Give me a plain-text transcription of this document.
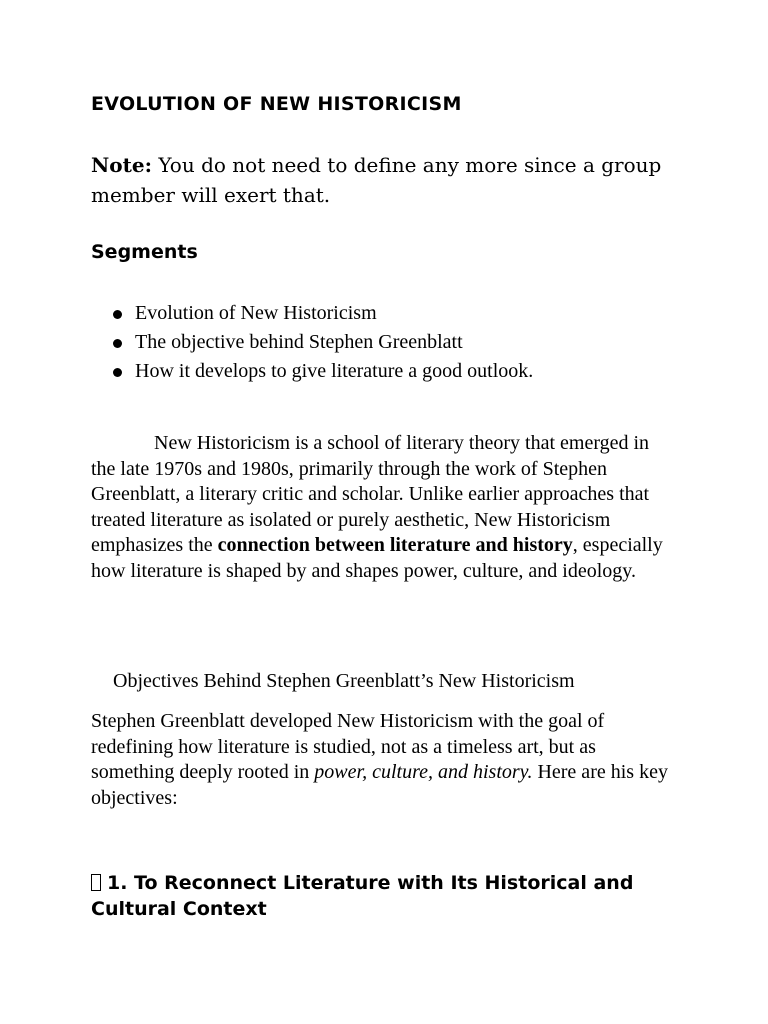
EVOLUTION OF NEW HISTORICISM

Note: You do not need to define any more since a group member will exert that.

Segments
Evolution of New Historicism
The objective behind Stephen Greenblatt
How it develops to give literature a good outlook.

New Historicism is a school of literary theory that emerged in the late 1970s and 1980s, primarily through the work of Stephen Greenblatt, a literary critic and scholar. Unlike earlier approaches that treated literature as isolated or purely aesthetic, New Historicism emphasizes the connection between literature and history, especially how literature is shaped by and shapes power, culture, and ideology.

Objectives Behind Stephen Greenblatt’s New Historicism

Stephen Greenblatt developed New Historicism with the goal of redefining how literature is studied, not as a timeless art, but as something deeply rooted in power, culture, and history. Here are his key objectives:

1. To Reconnect Literature with Its Historical and Cultural Context
